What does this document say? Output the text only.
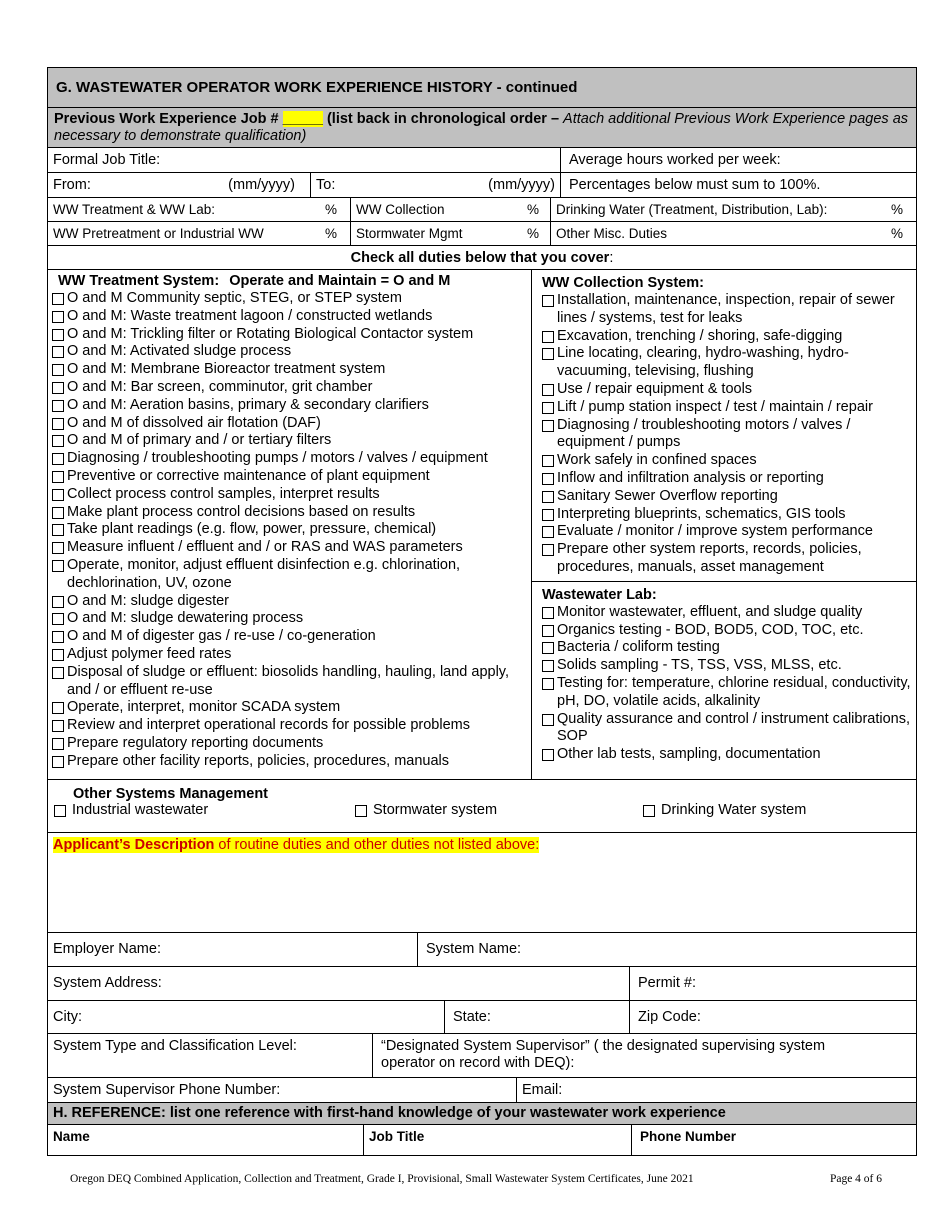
G. WASTEWATER OPERATOR WORK EXPERIENCE HISTORY - continued
Previous Work Experience Job # _____ (list back in chronological order – Attach additional Previous Work Experience pages as necessary to demonstrate qualification)
Formal Job Title:	Average hours worked per week:
From:	(mm/yyyy) To:	(mm/yyyy) Percentages below must sum to 100%.
WW Treatment & WW Lab:	% WW Collection	% Drinking Water (Treatment, Distribution, Lab):	%
WW Pretreatment or Industrial WW	% Stormwater Mgmt	% Other Misc. Duties	%
Check all duties below that you cover :
WW Treatment System: Operate and Maintain = O and M
O and M Community septic, STEG, or STEP system
O and M: Waste treatment lagoon / constructed wetlands
O and M: Trickling filter or Rotating Biological Contactor system
O and M: Activated sludge process
O and M: Membrane Bioreactor treatment system
O and M: Bar screen, comminutor, grit chamber
O and M: Aeration basins, primary & secondary clarifiers
O and M of dissolved air flotation (DAF)
O and M of primary and / or tertiary filters
Diagnosing / troubleshooting pumps / motors / valves / equipment
Preventive or corrective maintenance of plant equipment
Collect process control samples, interpret results
Make plant process control decisions based on results
Take plant readings (e.g. flow, power, pressure, chemical)
Measure influent / effluent and / or RAS and WAS parameters
Operate, monitor, adjust effluent disinfection e.g. chlorination, dechlorination, UV, ozone
O and M: sludge digester
O and M: sludge dewatering process
O and M of digester gas / re-use / co-generation
Adjust polymer feed rates
Disposal of sludge or effluent: biosolids handling, hauling, land apply, and / or effluent re-use
Operate, interpret, monitor SCADA system
Review and interpret operational records for possible problems
Prepare regulatory reporting documents
Prepare other facility reports, policies, procedures, manuals
WW Collection System:
Installation, maintenance, inspection, repair of sewer lines / systems, test for leaks
Excavation, trenching / shoring, safe-digging
Line locating, clearing, hydro-washing, hydro-vacuuming, televising, flushing
Use / repair equipment & tools
Lift / pump station inspect / test / maintain / repair
Diagnosing / troubleshooting motors / valves / equipment / pumps
Work safely in confined spaces
Inflow and infiltration analysis or reporting
Sanitary Sewer Overflow reporting
Interpreting blueprints, schematics, GIS tools
Evaluate / monitor / improve system performance
Prepare other system reports, records, policies, procedures, manuals, asset management
Wastewater Lab:
Monitor wastewater, effluent, and sludge quality
Organics testing - BOD, BOD5, COD, TOC, etc.
Bacteria / coliform testing
Solids sampling - TS, TSS, VSS, MLSS, etc.
Testing for: temperature, chlorine residual, conductivity, pH, DO, volatile acids, alkalinity
Quality assurance and control / instrument calibrations, SOP
Other lab tests, sampling, documentation
Other Systems Management
Industrial wastewater	Stormwater system	Drinking Water system
Applicant’s Description of routine duties and other duties not listed above:
Employer Name:	System Name:
System Address:	Permit #:
City:	State:	Zip Code:
System Type and Classification Level:	“Designated System Supervisor” ( the designated supervising system operator on record with DEQ):
System Supervisor Phone Number:	Email:
H. REFERENCE: list one reference with first-hand knowledge of your wastewater work experience
Name	Job Title	Phone Number
Oregon DEQ Combined Application, Collection and Treatment, Grade I, Provisional, Small Wastewater System Certificates, June 2021	Page 4 of 6
